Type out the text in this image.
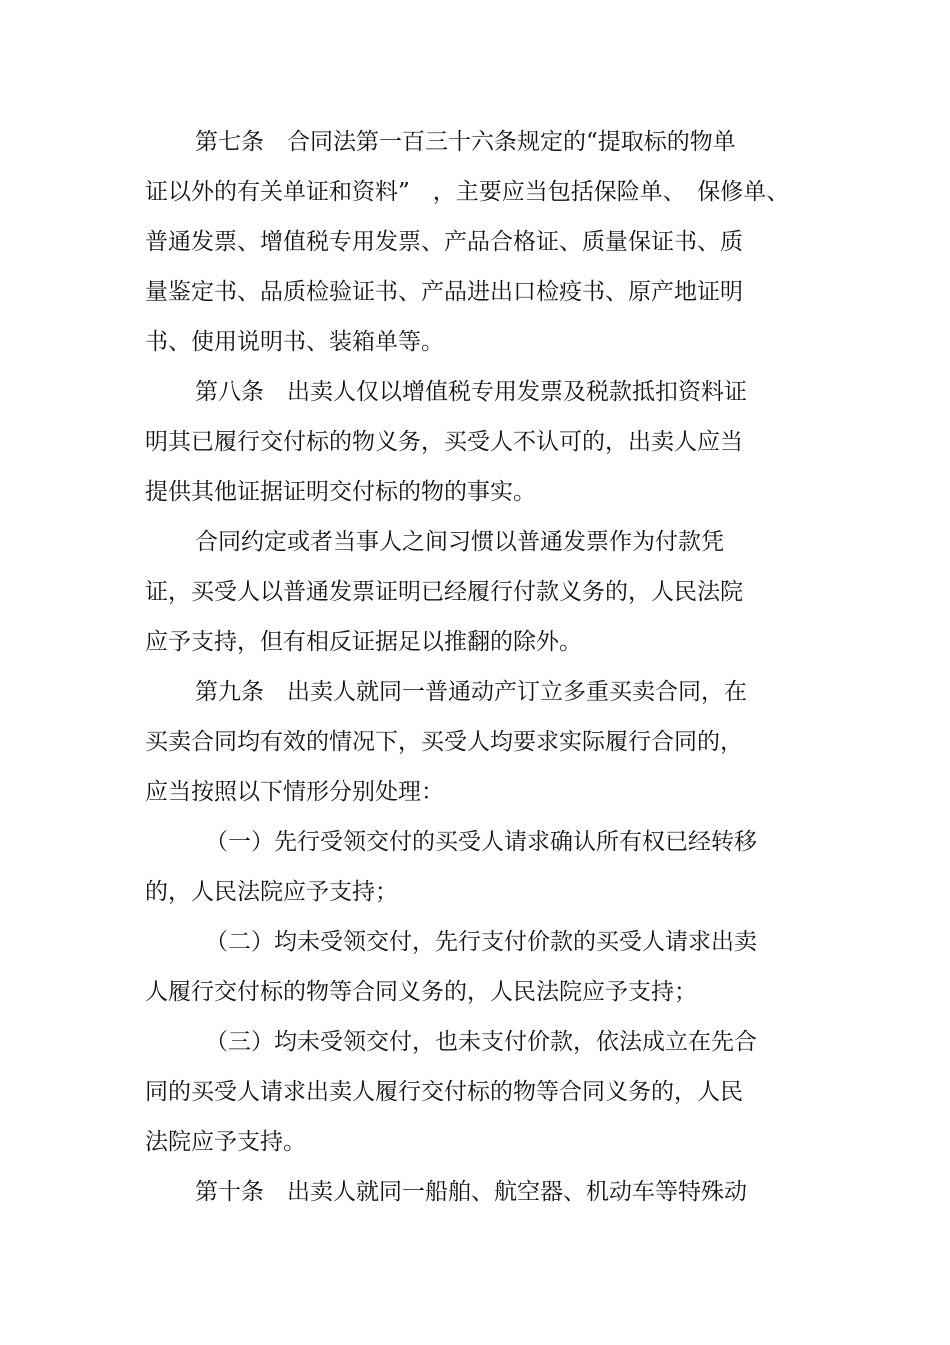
第七条　合同法第一百三十六条规定的“提取标的物单
证以外的有关单证和资料”　，主要应当包括保险单、　保修单、
普通发票、增值税专用发票、产品合格证、质量保证书、质
量鉴定书、品质检验证书、产品进出口检疫书、原产地证明
书、使用说明书、装箱单等。
第八条　出卖人仅以增值税专用发票及税款抵扣资料证
明其已履行交付标的物义务，买受人不认可的，出卖人应当
提供其他证据证明交付标的物的事实。
合同约定或者当事人之间习惯以普通发票作为付款凭
证，买受人以普通发票证明已经履行付款义务的，人民法院
应予支持，但有相反证据足以推翻的除外。
第九条　出卖人就同一普通动产订立多重买卖合同，在
买卖合同均有效的情况下，买受人均要求实际履行合同的，
应当按照以下情形分别处理：
（一）先行受领交付的买受人请求确认所有权已经转移
的，人民法院应予支持；
（二）均未受领交付，先行支付价款的买受人请求出卖
人履行交付标的物等合同义务的，人民法院应予支持；
（三）均未受领交付，也未支付价款，依法成立在先合
同的买受人请求出卖人履行交付标的物等合同义务的，人民
法院应予支持。
第十条　出卖人就同一船舶、航空器、机动车等特殊动
